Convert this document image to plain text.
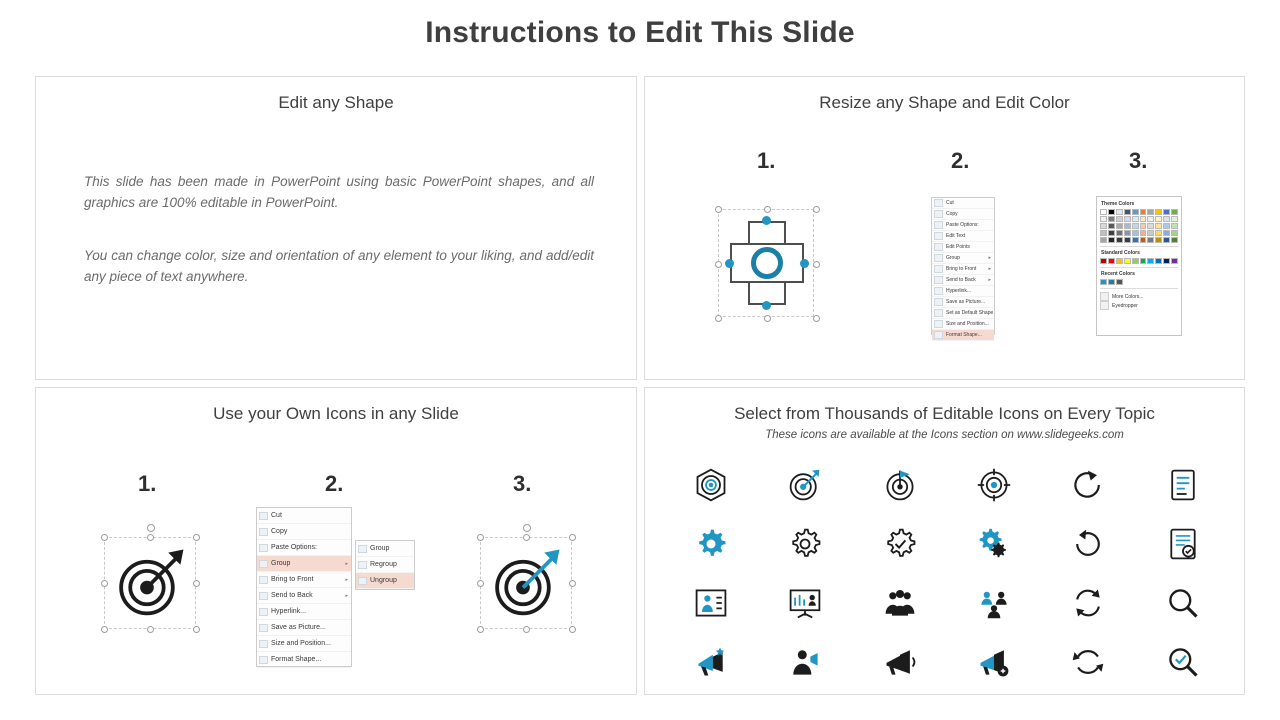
Instructions to Edit This Slide
Edit any Shape
This slide has been made in PowerPoint using basic PowerPoint shapes, and all graphics are 100% editable in PowerPoint.
You can change color, size and orientation of any element to your liking, and add/edit any piece of text anywhere.
Resize any Shape and Edit Color
1.	2.	3.
Cut
Copy
Paste Options:
Edit Text
Edit Points
Group	▸
Bring to Front ▸
Send to Back	▸
Hyperlink...
Save as Picture...
Set as Default Shape
Size and Position...
Format Shape...
Theme Colors
Standard Colors
Recent Colors
More Colors...
Eyedropper
Use your Own Icons in any Slide
1.	2.	3.
Cut
Copy
Paste Options:
Group	▸
Bring to Front	▸
Send to Back	▸
Hyperlink...
Save as Picture...
Size and Position...
Format Shape...
Group
Regroup
Ungroup
Select from Thousands of Editable Icons on Every Topic
These icons are available at the Icons section on www.slidegeeks.com
